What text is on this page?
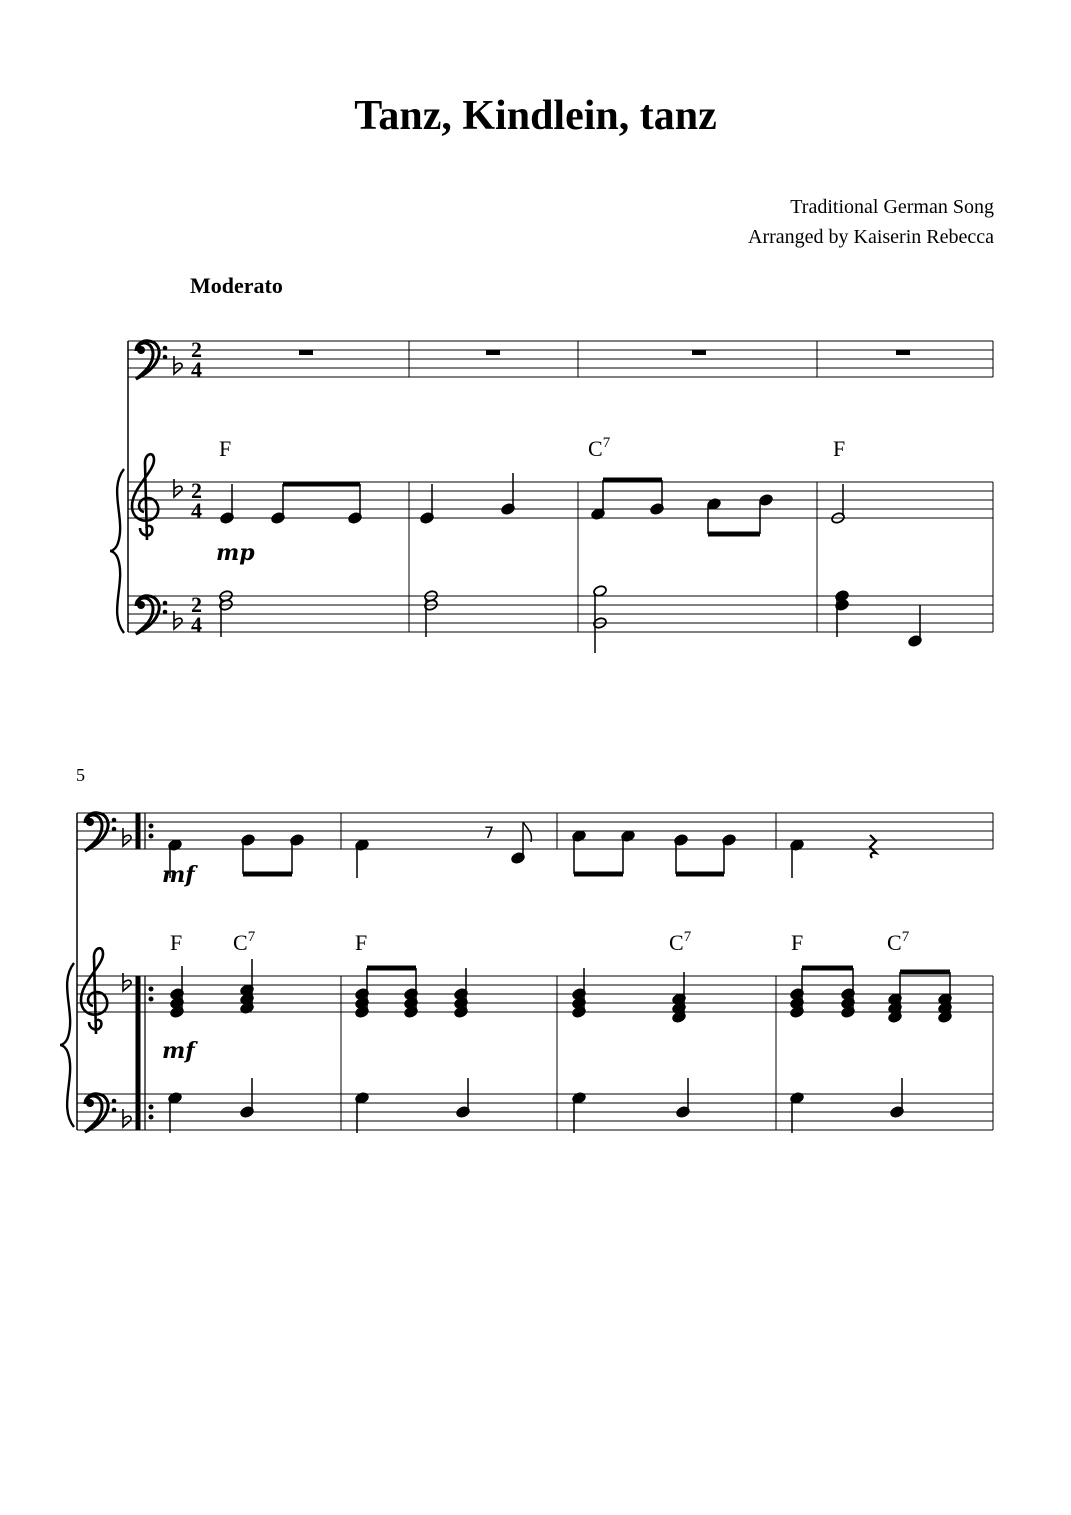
Tanz, Kindlein, tanz
Traditional German Song
Arranged by Kaiserin Rebecca
Moderato
2
4
2
4
2
4
F	$C^7$	F
mp
5
F $C^7$	F	$C^7$	F	$C^7$
mf
mf
7
